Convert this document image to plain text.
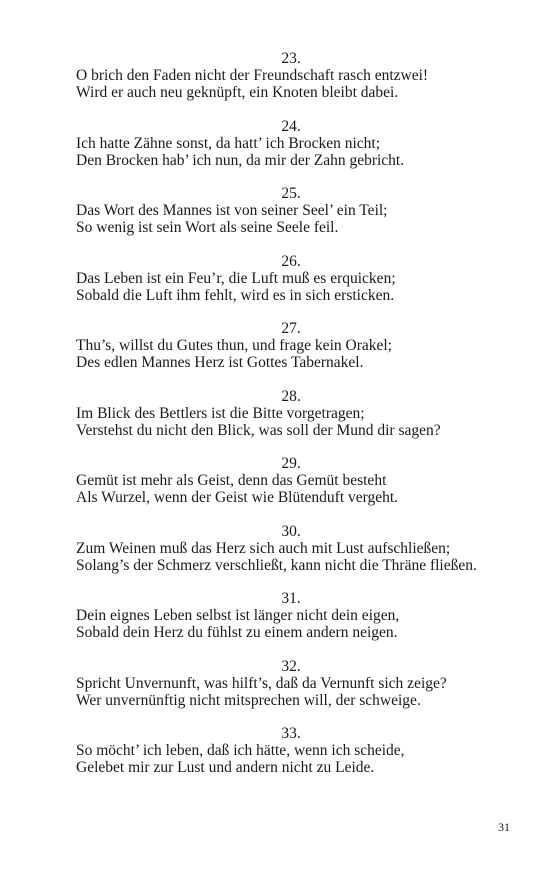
23.
O brich den Faden nicht der Freundschaft rasch entzwei!
Wird er auch neu geknüpft, ein Knoten bleibt dabei.
24.
Ich hatte Zähne sonst, da hatt’ ich Brocken nicht;
Den Brocken hab’ ich nun, da mir der Zahn gebricht.
25.
Das Wort des Mannes ist von seiner Seel’ ein Teil;
So wenig ist sein Wort als seine Seele feil.
26.
Das Leben ist ein Feu’r, die Luft muß es erquicken;
Sobald die Luft ihm fehlt, wird es in sich ersticken.
27.
Thu’s, willst du Gutes thun, und frage kein Orakel;
Des edlen Mannes Herz ist Gottes Tabernakel.
28.
Im Blick des Bettlers ist die Bitte vorgetragen;
Verstehst du nicht den Blick, was soll der Mund dir sagen?
29.
Gemüt ist mehr als Geist, denn das Gemüt besteht
Als Wurzel, wenn der Geist wie Blütenduft vergeht.
30.
Zum Weinen muß das Herz sich auch mit Lust aufschließen;
Solang’s der Schmerz verschließt, kann nicht die Thräne fließen.
31.
Dein eignes Leben selbst ist länger nicht dein eigen,
Sobald dein Herz du fühlst zu einem andern neigen.
32.
Spricht Unvernunft, was hilft’s, daß da Vernunft sich zeige?
Wer unvernünftig nicht mitsprechen will, der schweige.
33.
So möcht’ ich leben, daß ich hätte, wenn ich scheide,
Gelebet mir zur Lust und andern nicht zu Leide.
31
